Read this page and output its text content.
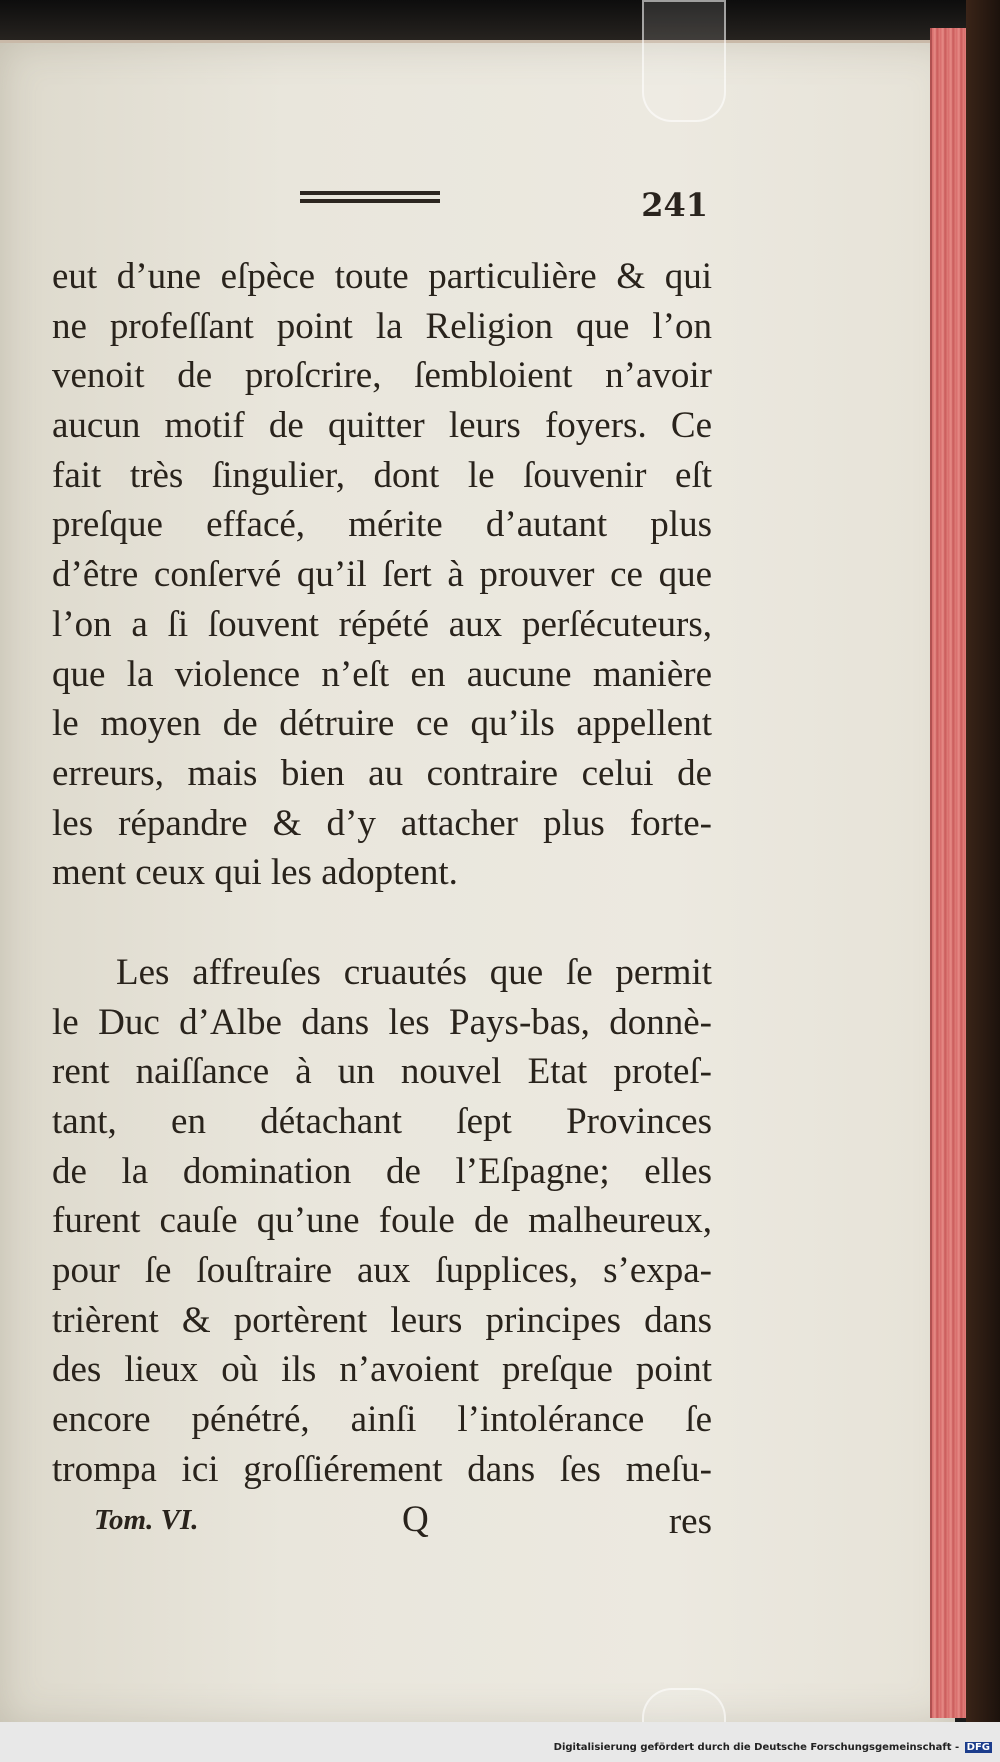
241
eut d’une eſpèce toute particulière & qui
ne profeſſant point la Religion que l’on
venoit de proſcrire, ſembloient n’avoir
aucun motif de quitter leurs foyers. Ce
fait très ſingulier, dont le ſouvenir eſt
preſque effacé, mérite d’autant plus
d’être conſervé qu’il ſert à prouver ce que
l’on a ſi ſouvent répété aux perſécuteurs,
que la violence n’eſt en aucune manière
le moyen de détruire ce qu’ils appellent
erreurs, mais bien au contraire celui de
les répandre & d’y attacher plus forte-
ment ceux qui les adoptent.
Les affreuſes cruautés que ſe permit
le Duc d’Albe dans les Pays-bas, donnè-
rent naiſſance à un nouvel Etat proteſ-
tant, en détachant ſept Provinces
de la domination de l’Eſpagne; elles
furent cauſe qu’une foule de malheureux,
pour ſe ſouſtraire aux ſupplices, s’expa-
trièrent & portèrent leurs principes dans
des lieux où ils n’avoient preſque point
encore pénétré, ainſi l’intolérance ſe
trompa ici groſſiérement dans ſes meſu-
Tom. VI.	Q	res
Digitalisierung gefördert durch die Deutsche Forschungsgemeinschaft - DFG
